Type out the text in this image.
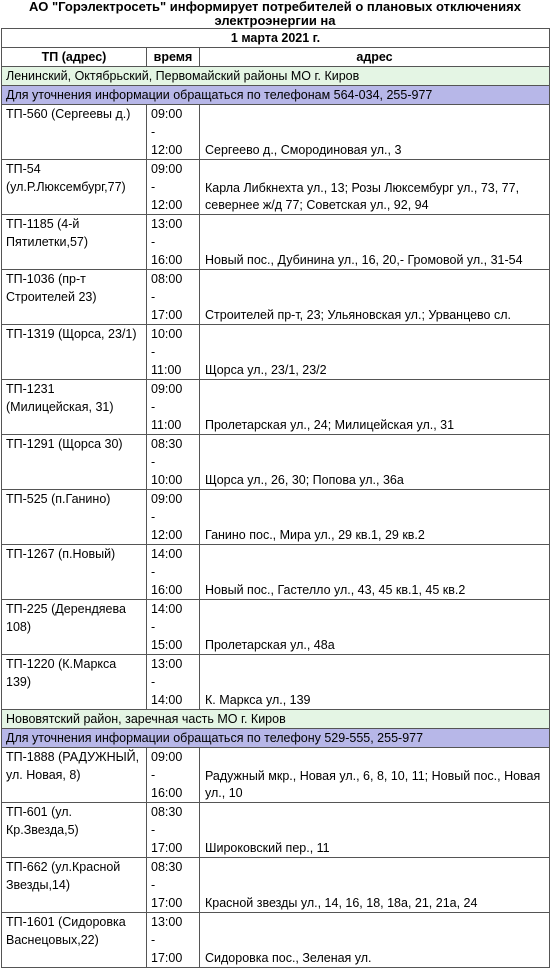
АО "Горэлектросеть" информирует потребителей о плановых отключениях
электроэнергии на
1 марта 2021 г.		
ТП (адрес)	время	адрес
Ленинский, Октябрьский, Первомайский районы МО г. Киров		
Для уточнения информации обращаться по телефонам 564-034, 255-977		
ТП-560 (Сергеевы д.)	09:00
-
12:00	Сергеево д., Смородиновая ул., 3
ТП-54 (ул.Р.Люксембург,77)	09:00
-
12:00	Карла Либкнехта ул., 13; Розы Люксембург ул., 73, 77, севернее ж/д 77; Советская ул., 92, 94
ТП-1185 (4-й Пятилетки,57)	13:00
-
16:00	Новый пос., Дубинина ул., 16, 20,- Громовой ул., 31-54
ТП-1036 (пр-т Строителей 23)	08:00
-
17:00	Строителей пр-т, 23; Ульяновская ул.; Урванцево сл.
ТП-1319 (Щорса, 23/1)	10:00
-
11:00	Щорса ул., 23/1, 23/2
ТП-1231 (Милицейская, 31)	09:00
-
11:00	Пролетарская ул., 24; Милицейская ул., 31
ТП-1291 (Щорса 30)	08:30
-
10:00	Щорса ул., 26, 30; Попова ул., 36а
ТП-525 (п.Ганино)	09:00
-
12:00	Ганино пос., Мира ул., 29 кв.1, 29 кв.2
ТП-1267 (п.Новый)	14:00
-
16:00	Новый пос., Гастелло ул., 43, 45 кв.1, 45 кв.2
ТП-225 (Дерендяева 108)	14:00
-
15:00	Пролетарская ул., 48а
ТП-1220 (К.Маркса 139)	13:00
-
14:00	К. Маркса ул., 139
Нововятский район, заречная часть МО г. Киров		
Для уточнения информации обращаться по телефону 529-555, 255-977		
ТП-1888 (РАДУЖНЫЙ, ул. Новая, 8)	09:00
-
16:00	Радужный мкр., Новая ул., 6, 8, 10, 11; Новый пос., Новая ул., 10
ТП-601 (ул. Кр.Звезда,5)	08:30
-
17:00	Широковский пер., 11
ТП-662 (ул.Красной Звезды,14)	08:30
-
17:00	Красной звезды ул., 14, 16, 18, 18а, 21, 21а, 24
ТП-1601 (Сидоровка Васнецовых,22)	13:00
-
17:00	Сидоровка пос., Зеленая ул.
